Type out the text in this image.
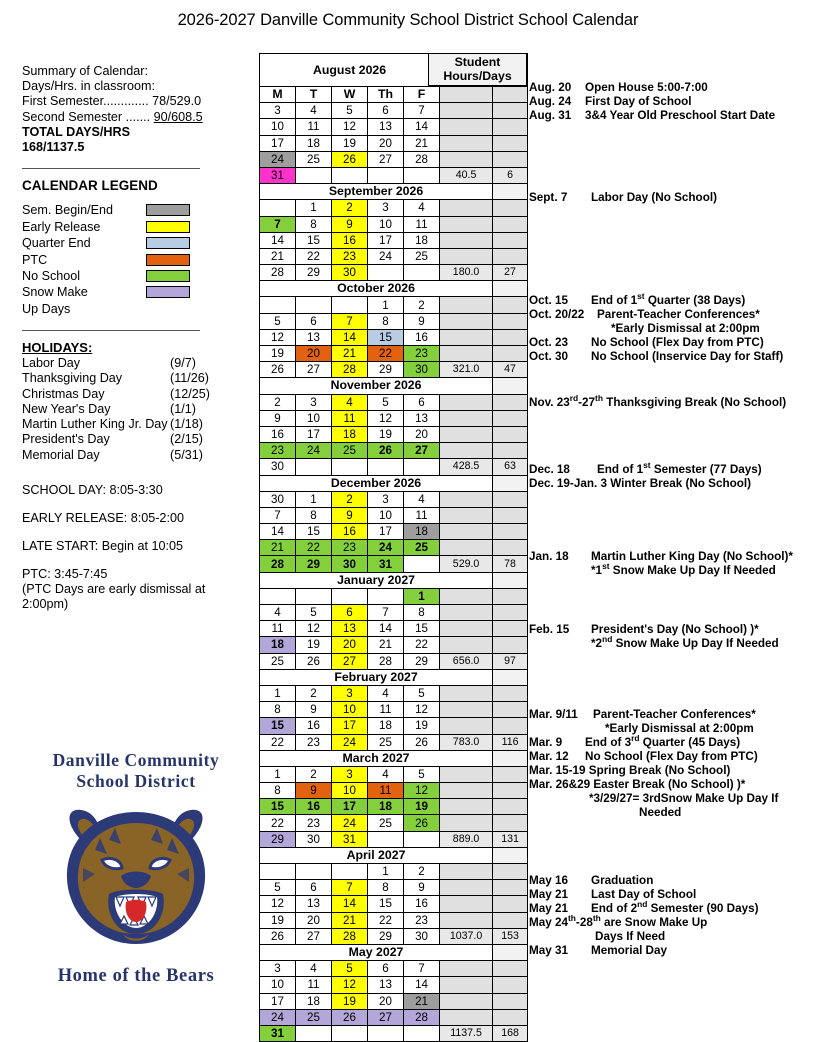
2026-2027 Danville Community School District School Calendar
Summary of Calendar:
Days/Hrs. in classroom:
First Semester............. 78/529.0
Second Semester ....... 90/608.5
TOTAL DAYS/HRS
168/1137.5
CALENDAR LEGEND
Sem. Begin/End
Early Release
Quarter End
PTC
No School
Snow Make
Up Days
HOLIDAYS:
Labor Day	(9/7)
Thanksgiving Day	(11/26)
Christmas Day	(12/25)
New Year's Day	(1/1)
Martin Luther King Jr. Day (1/18)
President's Day	(2/15)
Memorial Day	(5/31)
SCHOOL DAY: 8:05-3:30
EARLY RELEASE: 8:05-2:00
LATE START: Begin at 10:05
PTC: 3:45-7:45
(PTC Days are early dismissal at
2:00pm)
Danville Community
School District
Home of the Bears
August 2026						
M	T	W	Th	F		
3	4	5	6	7		
10	11	12	13	14		
17	18	19	20	21		
24	25	26	27	28		
31					40.5	6
September 2026						
	1	2	3	4		
7	8	9	10	11		
14	15	16	17	18		
21	22	23	24	25		
28	29	30			180.0	27
October 2026						
			1	2		
5	6	7	8	9		
12	13	14	15	16		
19	20	21	22	23		
26	27	28	29	30	321.0	47
November 2026						
2	3	4	5	6		
9	10	11	12	13		
16	17	18	19	20		
23	24	25	26	27		
30					428.5	63
December 2026						
30	1	2	3	4		
7	8	9	10	11		
14	15	16	17	18		
21	22	23	24	25		
28	29	30	31		529.0	78
January 2027						
				1		
4	5	6	7	8		
11	12	13	14	15		
18	19	20	21	22		
25	26	27	28	29	656.0	97
February 2027						
1	2	3	4	5		
8	9	10	11	12		
15	16	17	18	19		
22	23	24	25	26	783.0	116
March 2027						
1	2	3	4	5		
8	9	10	11	12		
15	16	17	18	19		
22	23	24	25	26		
29	30	31			889.0	131
April 2027						
			1	2		
5	6	7	8	9		
12	13	14	15	16		
19	20	21	22	23		
26	27	28	29	30	1037.0	153
May 2027						
3	4	5	6	7		
10	11	12	13	14		
17	18	19	20	21		
24	25	26	27	28		
31					1137.5	168
Student Hours/Days
Aug. 20	Open House 5:00-7:00
Aug. 24	First Day of School
Aug. 31	3&4 Year Old Preschool Start Date
Sept. 7	Labor Day (No School)
Oct. 15	End of 1st Quarter (38 Days)
Oct. 20/22	Parent-Teacher Conferences*
*Early Dismissal at 2:00pm
Oct. 23	No School (Flex Day from PTC)
Oct. 30	No School (Inservice Day for Staff)
Nov. 23rd-27th Thanksgiving Break (No School)
Dec. 18	End of 1st Semester (77 Days)
Dec. 19-Jan. 3 Winter Break (No School)
Jan. 18	Martin Luther King Day (No School)*
*1st Snow Make Up Day If Needed
Feb. 15	President's Day (No School) )*
*2nd Snow Make Up Day If Needed
Mar. 9/11	Parent-Teacher Conferences*
*Early Dismissal at 2:00pm
Mar. 9	End of 3rd Quarter (45 Days)
Mar. 12	No School (Flex Day from PTC)
Mar. 15-19 Spring Break (No School)
Mar. 26&29 Easter Break (No School) )*
*3/29/27= 3rdSnow Make Up Day If
Needed
May 16	Graduation
May 21	Last Day of School
May 21	End of 2nd Semester (90 Days)
May 24th-28th are Snow Make Up
Days If Need
May 31	Memorial Day
